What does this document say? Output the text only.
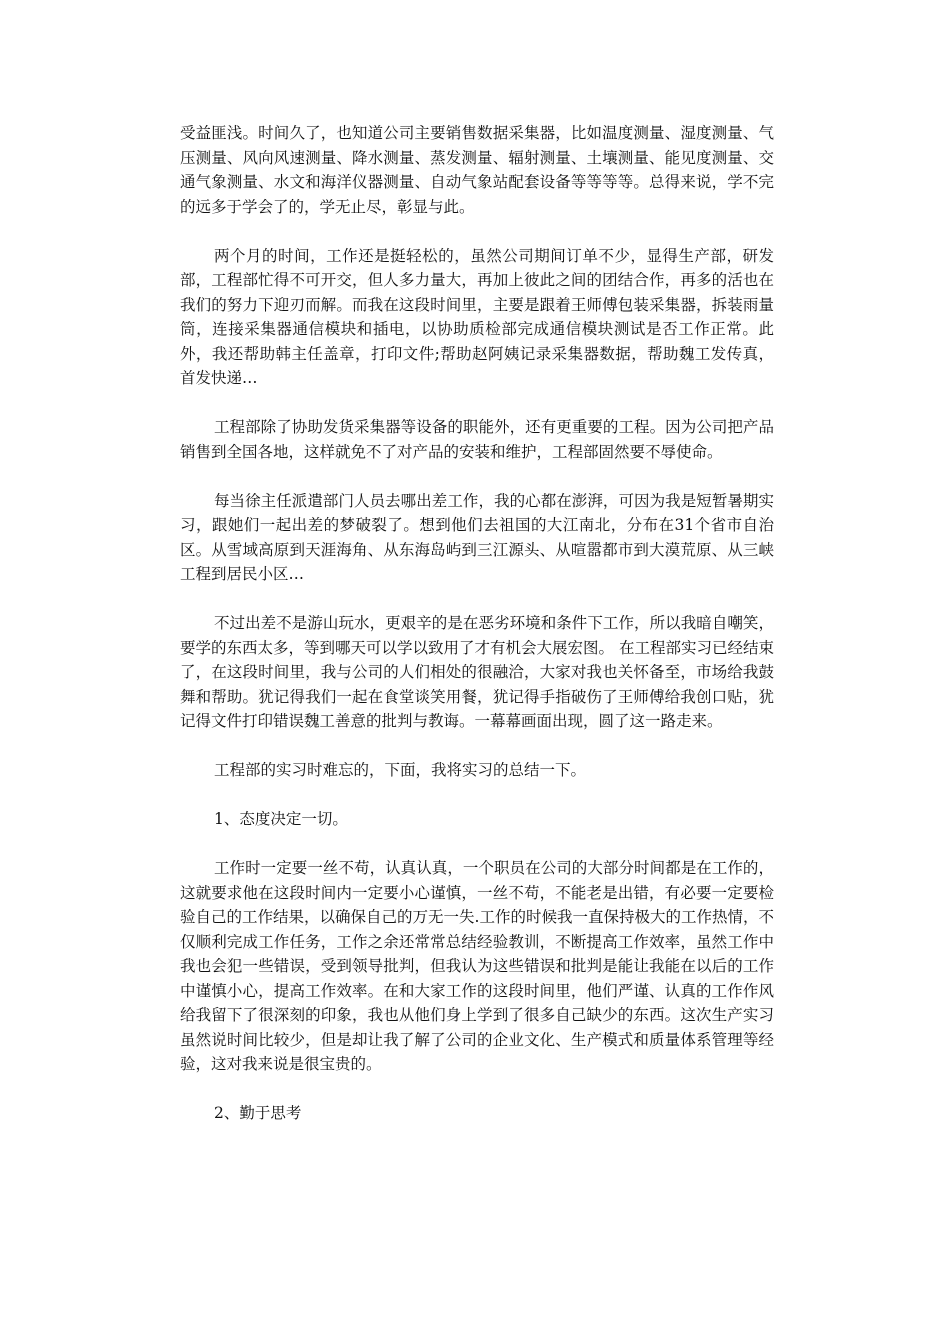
受益匪浅。时间久了，也知道公司主要销售数据采集器，比如温度测量、湿度测量、气压测量、风向风速测量、降水测量、蒸发测量、辐射测量、土壤测量、能见度测量、交通气象测量、水文和海洋仪器测量、自动气象站配套设备等等等等。总得来说，学不完的远多于学会了的，学无止尽，彰显与此。

两个月的时间，工作还是挺轻松的，虽然公司期间订单不少，显得生产部，研发部，工程部忙得不可开交，但人多力量大，再加上彼此之间的团结合作，再多的活也在我们的努力下迎刃而解。而我在这段时间里，主要是跟着王师傅包装采集器，拆装雨量筒，连接采集器通信模块和插电，以协助质检部完成通信模块测试是否工作正常。此外，我还帮助韩主任盖章，打印文件;帮助赵阿姨记录采集器数据，帮助魏工发传真，首发快递…

工程部除了协助发货采集器等设备的职能外，还有更重要的工程。因为公司把产品销售到全国各地，这样就免不了对产品的安装和维护，工程部固然要不辱使命。

每当徐主任派遣部门人员去哪出差工作，我的心都在澎湃，可因为我是短暂暑期实习，跟她们一起出差的梦破裂了。想到他们去祖国的大江南北，分布在31个省市自治区。从雪域高原到天涯海角、从东海岛屿到三江源头、从喧嚣都市到大漠荒原、从三峡工程到居民小区…

不过出差不是游山玩水，更艰辛的是在恶劣环境和条件下工作，所以我暗自嘲笑，要学的东西太多，等到哪天可以学以致用了才有机会大展宏图。 在工程部实习已经结束了，在这段时间里，我与公司的人们相处的很融洽，大家对我也关怀备至，市场给我鼓舞和帮助。犹记得我们一起在食堂谈笑用餐，犹记得手指破伤了王师傅给我创口贴，犹记得文件打印错误魏工善意的批判与教诲。一幕幕画面出现，圆了这一路走来。

工程部的实习时难忘的，下面，我将实习的总结一下。

1、态度决定一切。

工作时一定要一丝不苟，认真认真，一个职员在公司的大部分时间都是在工作的，这就要求他在这段时间内一定要小心谨慎，一丝不苟，不能老是出错，有必要一定要检验自己的工作结果，以确保自己的万无一失.工作的时候我一直保持极大的工作热情，不仅顺利完成工作任务，工作之余还常常总结经验教训，不断提高工作效率，虽然工作中我也会犯一些错误，受到领导批判，但我认为这些错误和批判是能让我能在以后的工作中谨慎小心，提高工作效率。在和大家工作的这段时间里，他们严谨、认真的工作作风给我留下了很深刻的印象，我也从他们身上学到了很多自己缺少的东西。这次生产实习虽然说时间比较少，但是却让我了解了公司的企业文化、生产模式和质量体系管理等经验，这对我来说是很宝贵的。

2、勤于思考
